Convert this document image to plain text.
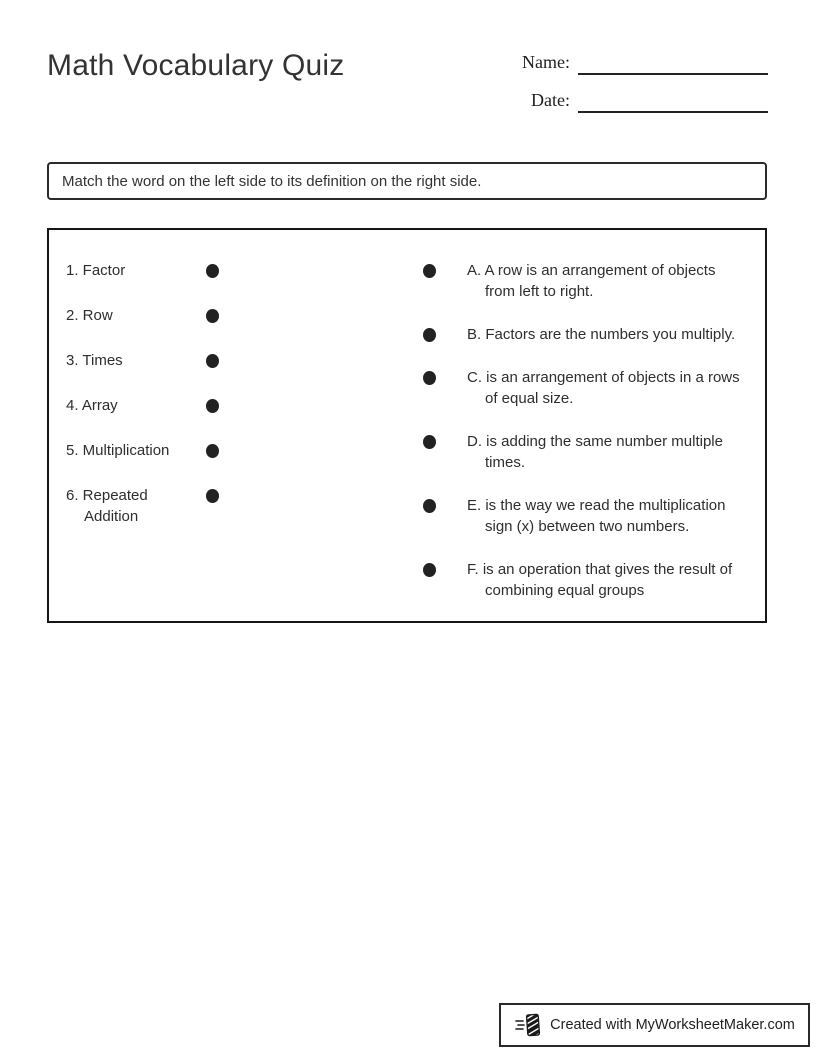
Math Vocabulary Quiz	Name:
Date:
Match the word on the left side to its definition on the right side.
1. Factor
2. Row
3. Times
4. Array
5. Multiplication
6. Repeated
Addition
A. A row is an arrangement of objects
from left to right.
B. Factors are the numbers you multiply.
C. is an arrangement of objects in a rows
of equal size.
D. is adding the same number multiple
times.
E. is the way we read the multiplication
sign (x) between two numbers.
F. is an operation that gives the result of
combining equal groups
Created with MyWorksheetMaker.com
